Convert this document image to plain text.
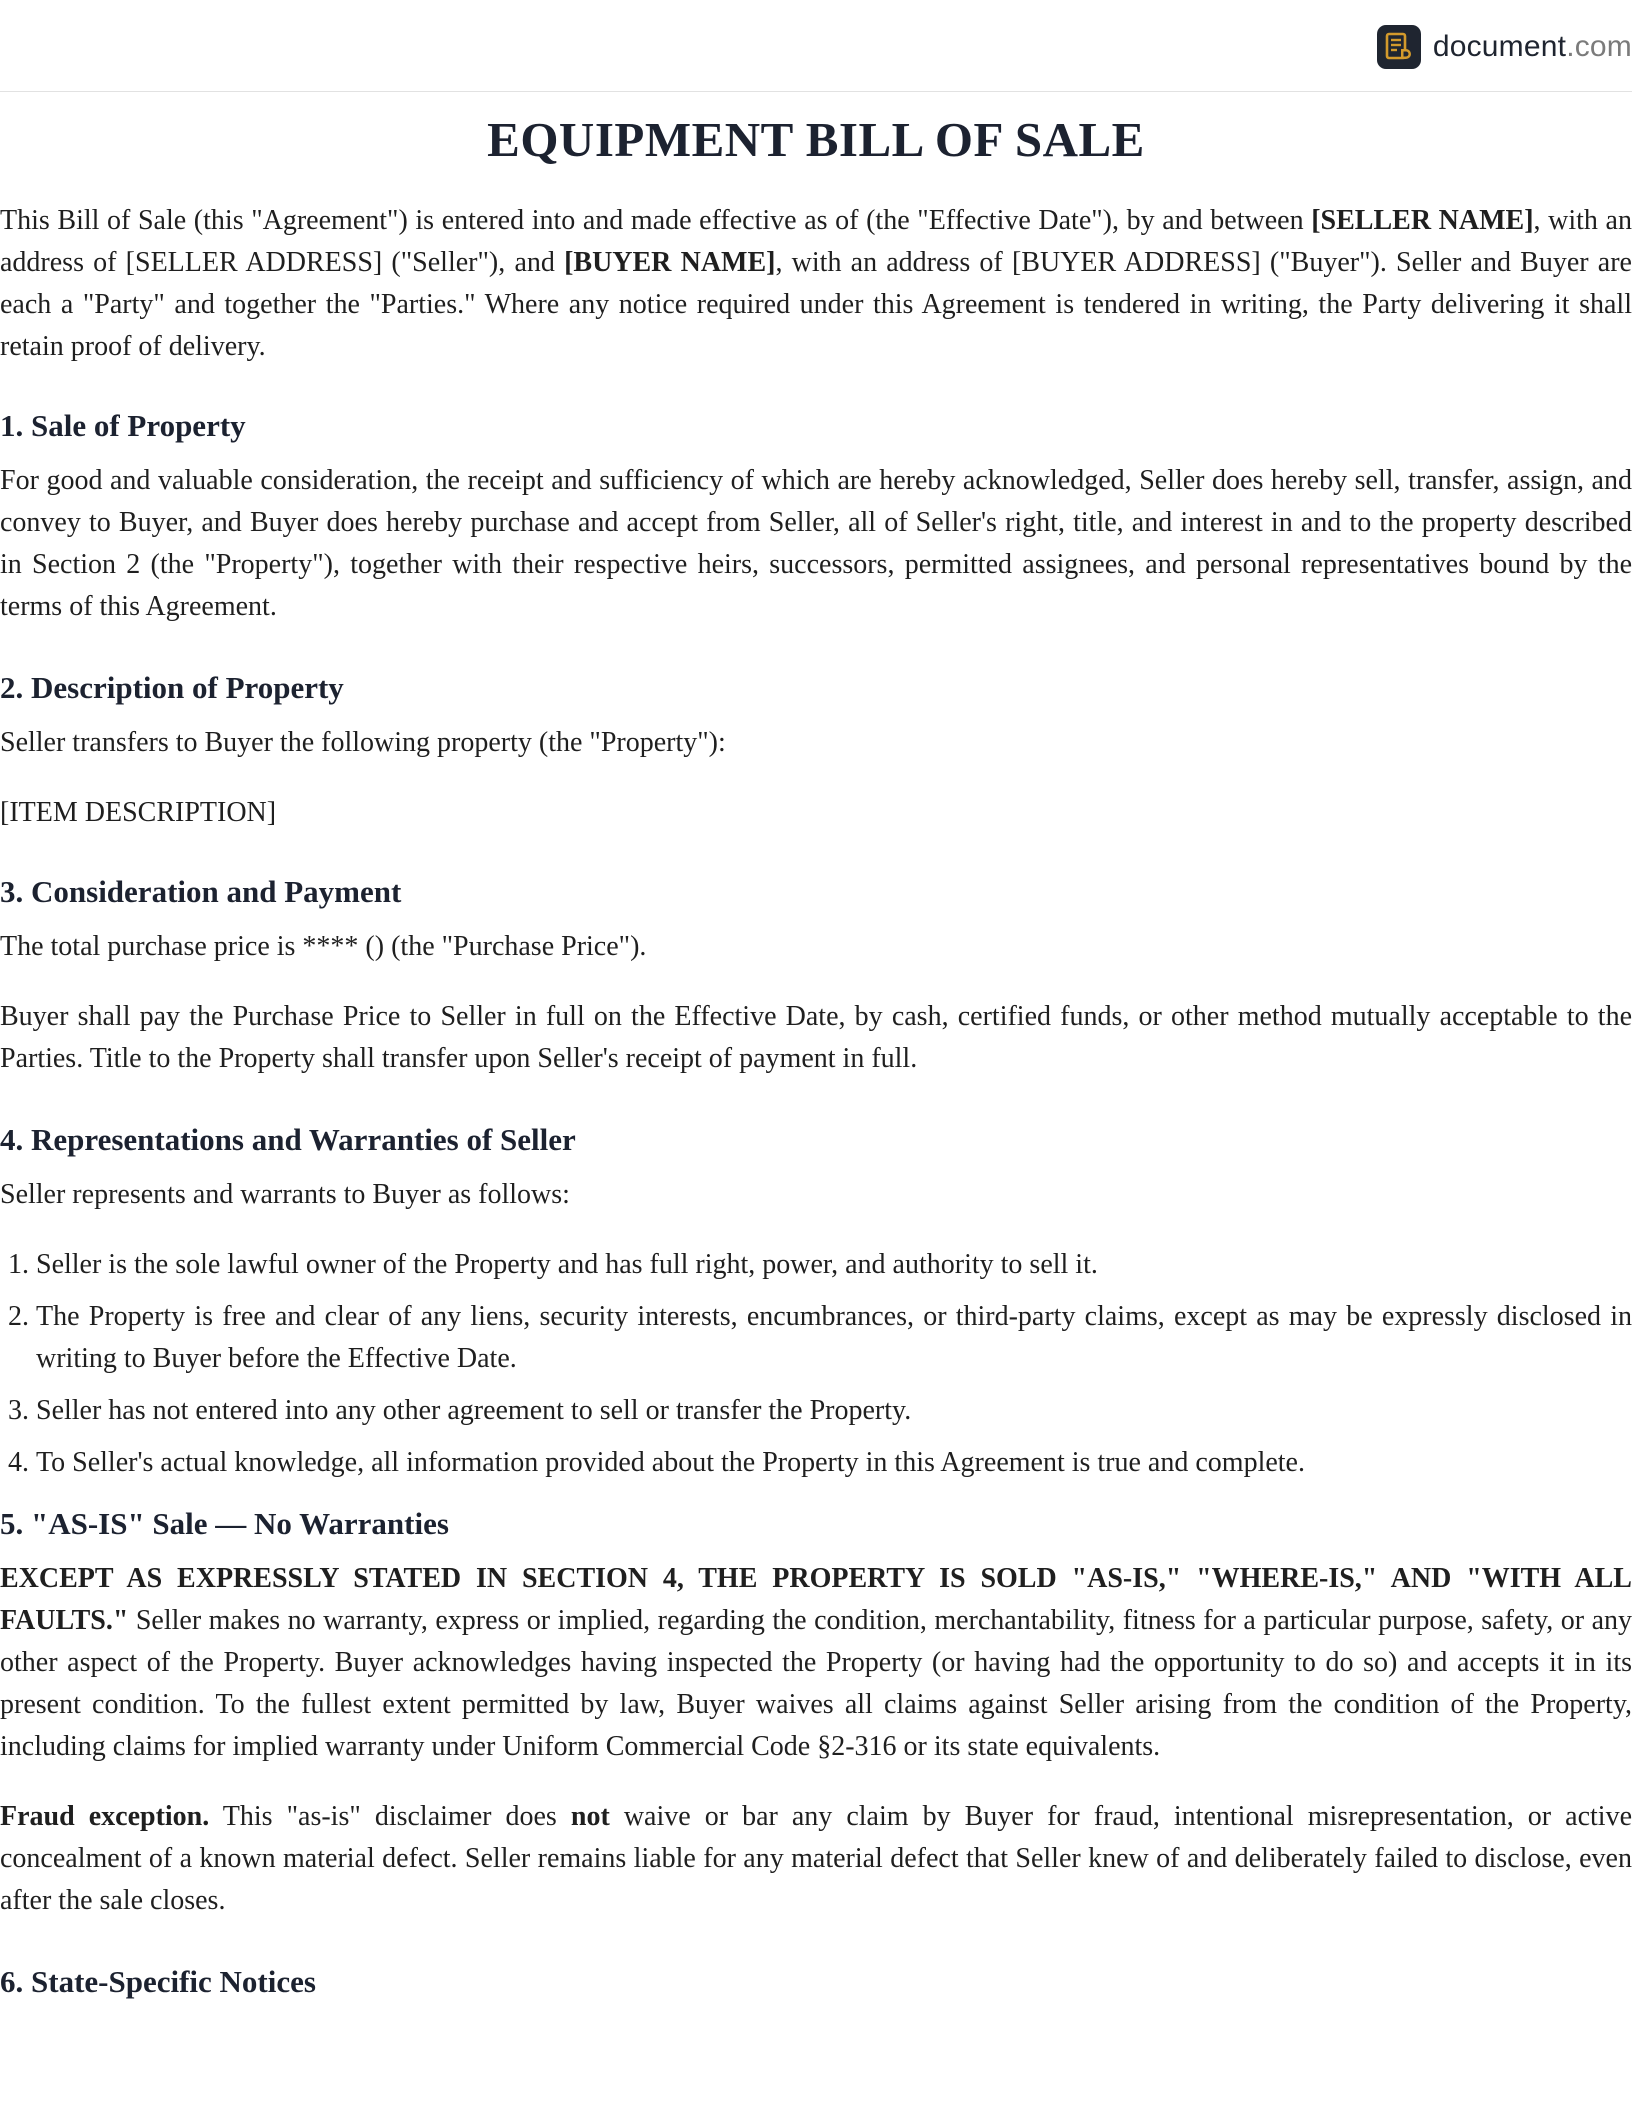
document.com
EQUIPMENT BILL OF SALE

This Bill of Sale (this "Agreement") is entered into and made effective as of (the "Effective Date"), by and between [SELLER NAME], with an address of [SELLER ADDRESS] ("Seller"), and [BUYER NAME], with an address of [BUYER ADDRESS] ("Buyer"). Seller and Buyer are each a "Party" and together the "Parties." Where any notice required under this Agreement is tendered in writing, the Party delivering it shall retain proof of delivery.

1. Sale of Property

For good and valuable consideration, the receipt and sufficiency of which are hereby acknowledged, Seller does hereby sell, transfer, assign, and convey to Buyer, and Buyer does hereby purchase and accept from Seller, all of Seller's right, title, and interest in and to the property described in Section 2 (the "Property"), together with their respective heirs, successors, permitted assignees, and personal representatives bound by the terms of this Agreement.

2. Description of Property

Seller transfers to Buyer the following property (the "Property"):

[ITEM DESCRIPTION]

3. Consideration and Payment

The total purchase price is **** () (the "Purchase Price").

Buyer shall pay the Purchase Price to Seller in full on the Effective Date, by cash, certified funds, or other method mutually acceptable to the Parties. Title to the Property shall transfer upon Seller's receipt of payment in full.

4. Representations and Warranties of Seller

Seller represents and warrants to Buyer as follows:

1. Seller is the sole lawful owner of the Property and has full right, power, and authority to sell it.
2. The Property is free and clear of any liens, security interests, encumbrances, or third-party claims, except as may be expressly disclosed in writing to Buyer before the Effective Date.
3. Seller has not entered into any other agreement to sell or transfer the Property.
4. To Seller's actual knowledge, all information provided about the Property in this Agreement is true and complete.
5. "AS-IS" Sale — No Warranties

EXCEPT AS EXPRESSLY STATED IN SECTION 4, THE PROPERTY IS SOLD "AS-IS," "WHERE-IS," AND "WITH ALL FAULTS." Seller makes no warranty, express or implied, regarding the condition, merchantability, fitness for a particular purpose, safety, or any other aspect of the Property. Buyer acknowledges having inspected the Property (or having had the opportunity to do so) and accepts it in its present condition. To the fullest extent permitted by law, Buyer waives all claims against Seller arising from the condition of the Property, including claims for implied warranty under Uniform Commercial Code §2-316 or its state equivalents.

Fraud exception. This "as-is" disclaimer does not waive or bar any claim by Buyer for fraud, intentional misrepresentation, or active concealment of a known material defect. Seller remains liable for any material defect that Seller knew of and deliberately failed to disclose, even after the sale closes.

6. State-Specific Notices
